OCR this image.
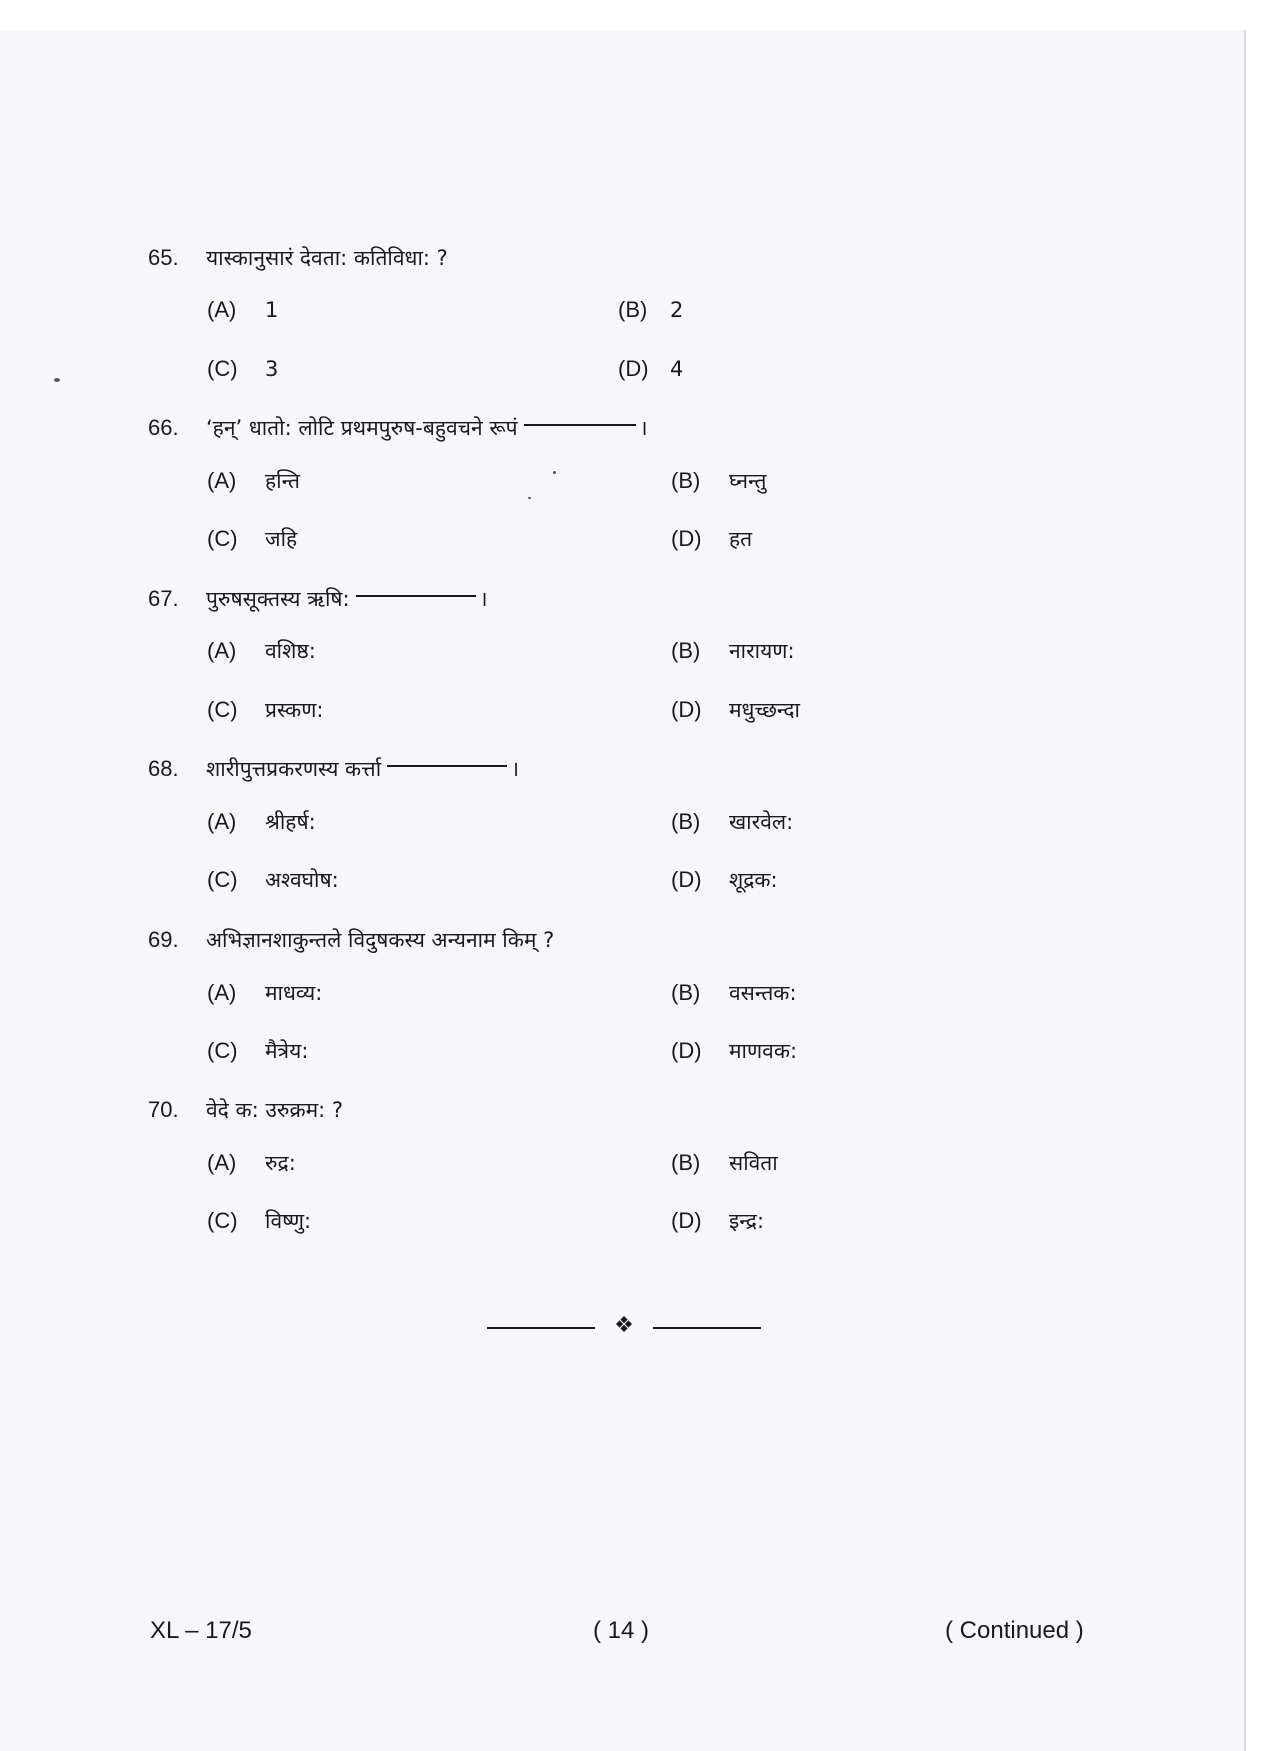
65. यास्कानुसारं देवता: कतिविधा: ?
(A) 1	(B) 2
(C) 3	(D) 4
66. ‘हन्’ धातो: लोटि प्रथमपुरुष-बहुवचने रूपं	।
(A) हन्ति	(B) घ्नन्तु
(C) जहि	(D) हत
67. पुरुषसूक्तस्य ऋषि:	।
(A) वशिष्ठ:	(B) नारायण:
(C) प्रस्कण:	(D) मधुच्छन्दा
68. शारीपुत्तप्रकरणस्य कर्त्ता	।
(A) श्रीहर्ष:	(B) खारवेल:
(C) अश्वघोष:	(D) शूद्रक:
69. अभिज्ञानशाकुन्तले विदुषकस्य अन्यनाम किम् ?
(A) माधव्य:	(B) वसन्तक:
(C) मैत्रेय:	(D) माणवक:
70. वेदे क: उरुक्रम: ?
(A) रुद्र:	(B) सविता
(C) विष्णु:	(D) इन्द्र:
❖
XL – 17/5	( 14 )	( Continued )
